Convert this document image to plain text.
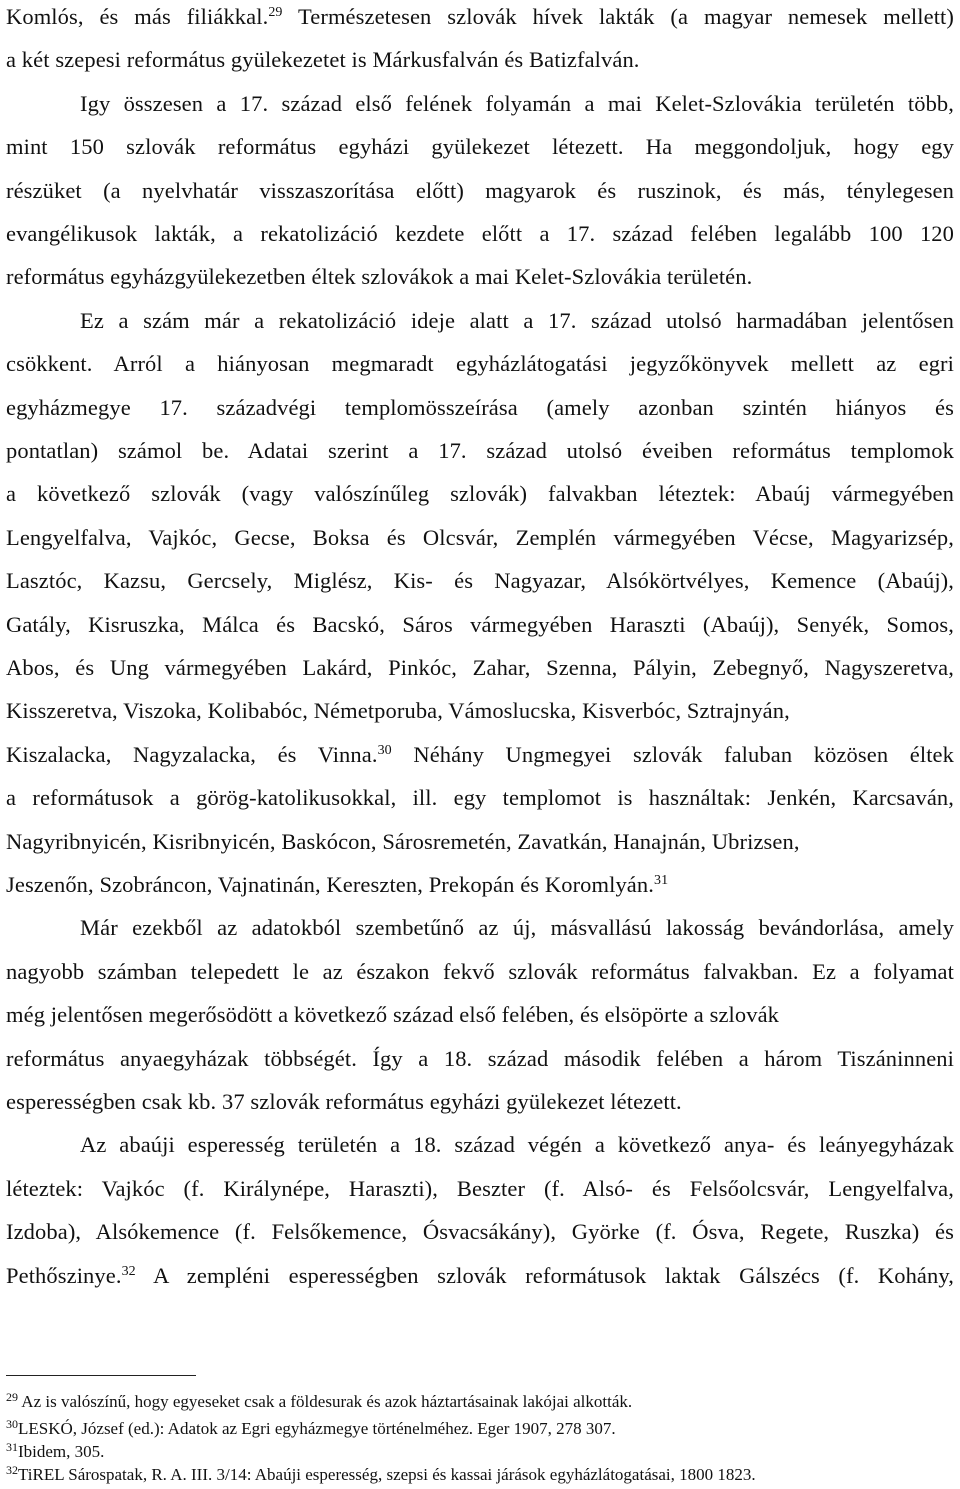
Komlós, és más filiákkal.$^{29}$ Természetesen szlovák hívek lakták (a magyar nemesek mellett)
a két szepesi református gyülekezetet is Márkusfalván és Batizfalván.
Igy összesen a 17. század első felének folyamán a mai Kelet-Szlovákia területén több,
mint 150 szlovák református egyházi gyülekezet létezett. Ha meggondoljuk, hogy egy
részüket (a nyelvhatár visszaszorítása előtt) magyarok és ruszinok, és más, ténylegesen
evangélikusok lakták, a rekatolizáció kezdete előtt a 17. század felében legalább 100 120
református egyházgyülekezetben éltek szlovákok a mai Kelet-Szlovákia területén.
Ez a szám már a rekatolizáció ideje alatt a 17. század utolsó harmadában jelentősen
csökkent. Arról a hiányosan megmaradt egyházlátogatási jegyzőkönyvek mellett az egri
egyházmegye 17. századvégi templomösszeírása (amely azonban szintén hiányos és
pontatlan) számol be. Adatai szerint a 17. század utolsó éveiben református templomok
a következő szlovák (vagy valószínűleg szlovák) falvakban léteztek: Abaúj vármegyében
Lengyelfalva, Vajkóc, Gecse, Boksa és Olcsvár, Zemplén vármegyében Vécse, Magyarizsép,
Lasztóc, Kazsu, Gercsely, Miglész, Kis- és Nagyazar, Alsókörtvélyes, Kemence (Abaúj),
Gatály, Kisruszka, Málca és Bacskó, Sáros vármegyében Haraszti (Abaúj), Senyék, Somos,
Abos, és Ung vármegyében Lakárd, Pinkóc, Zahar, Szenna, Pályin, Zebegnyő, Nagyszeretva,
Kisszeretva, Viszoka, Kolibabóc, Németporuba, Vámoslucska, Kisverbóc, Sztrajnyán,
Kiszalacka, Nagyzalacka, és Vinna.$^{30}$ Néhány Ungmegyei szlovák faluban közösen éltek
a reformátusok a görög-katolikusokkal, ill. egy templomot is használtak: Jenkén, Karcsaván,
Nagyribnyicén, Kisribnyicén, Baskócon, Sárosremetén, Zavatkán, Hanajnán, Ubrizsen,
Jeszenőn, Szobráncon, Vajnatinán, Kereszten, Prekopán és Koromlyán.$^{31}$
Már ezekből az adatokból szembetűnő az új, másvallású lakosság bevándorlása, amely
nagyobb számban telepedett le az északon fekvő szlovák református falvakban. Ez a folyamat
még jelentősen megerősödött a következő század első felében, és elsöpörte a szlovák
református anyaegyházak többségét. Így a 18. század második felében a három Tiszáninneni
esperességben csak kb. 37 szlovák református egyházi gyülekezet létezett.
Az abaúji esperesség területén a 18. század végén a következő anya- és leányegyházak
léteztek: Vajkóc (f. Királynépe, Haraszti), Beszter (f. Alsó- és Felsőolcsvár, Lengyelfalva,
Izdoba), Alsókemence (f. Felsőkemence, Ósvacsákány), Györke (f. Ósva, Regete, Ruszka) és
Pethőszinye.$^{32}$ A zempléni esperességben szlovák reformátusok laktak Gálszécs (f. Kohány,
$^{29}$ Az is valószínű, hogy egyeseket csak a földesurak és azok háztartásainak lakójai alkották.
$^{30}$LESKÓ, József (ed.): Adatok az Egri egyházmegye történelméhez. Eger 1907, 278 307.
$^{31}$Ibidem, 305.
$^{32}$TiREL Sárospatak, R. A. III. 3/14: Abaúji esperesség, szepsi és kassai járások egyházlátogatásai, 1800 1823.
